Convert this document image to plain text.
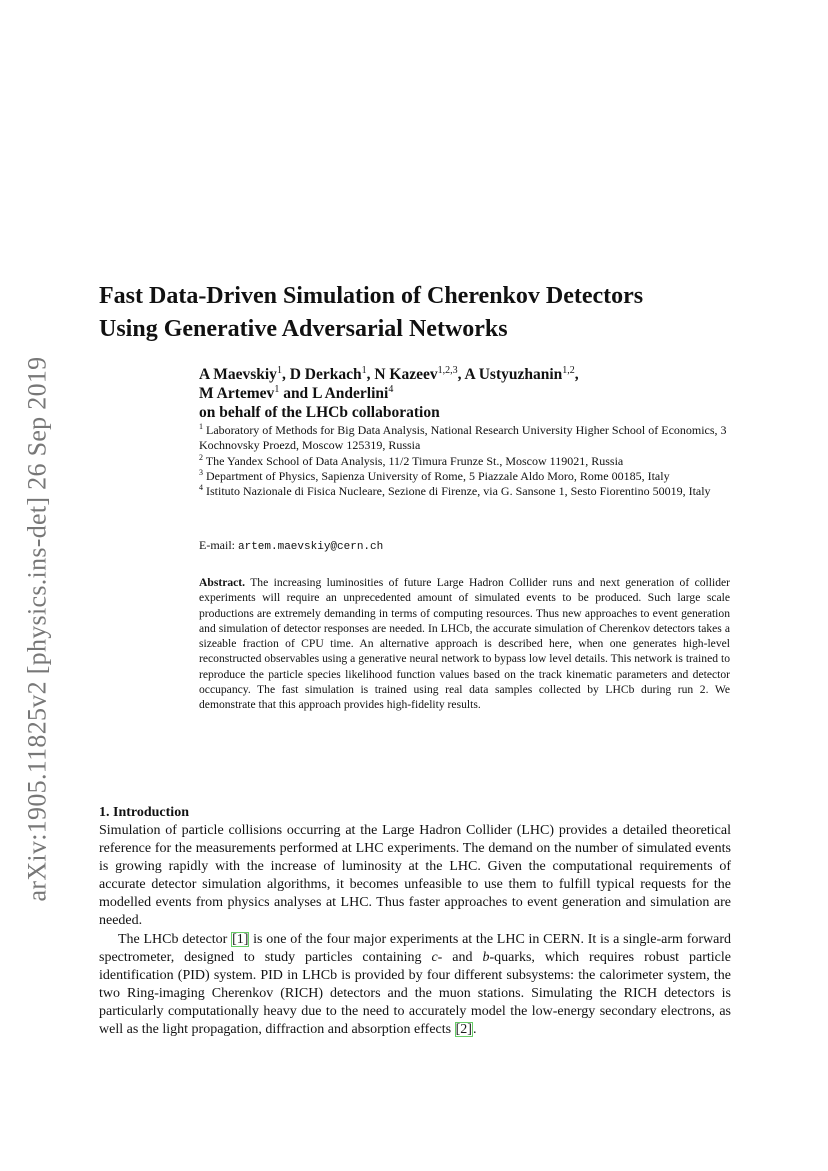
arXiv:1905.11825v2 [physics.ins-det] 26 Sep 2019
Fast Data-Driven Simulation of Cherenkov Detectors
Using Generative Adversarial Networks
A Maevskiy$^1$, D Derkach$^1$, N Kazeev$^{1,2,3}$, A Ustyuzhanin$^{1,2}$,
M Artemev$^1$ and L Anderlini$^4$
on behalf of the LHCb collaboration

$^1$ Laboratory of Methods for Big Data Analysis, National Research University Higher School of Economics, 3 Kochnovsky Proezd, Moscow 125319, Russia

$^2$ The Yandex School of Data Analysis, 11/2 Timura Frunze St., Moscow 119021, Russia

$^3$ Department of Physics, Sapienza University of Rome, 5 Piazzale Aldo Moro, Rome 00185, Italy

$^4$ Istituto Nazionale di Fisica Nucleare, Sezione di Firenze, via G. Sansone 1, Sesto Fiorentino 50019, Italy

E-mail: artem.maevskiy@cern.ch

Abstract. The increasing luminosities of future Large Hadron Collider runs and next generation of collider experiments will require an unprecedented amount of simulated events to be produced. Such large scale productions are extremely demanding in terms of computing resources. Thus new approaches to event generation and simulation of detector responses are needed. In LHCb, the accurate simulation of Cherenkov detectors takes a sizeable fraction of CPU time. An alternative approach is described here, when one generates high-level reconstructed observables using a generative neural network to bypass low level details. This network is trained to reproduce the particle species likelihood function values based on the track kinematic parameters and detector occupancy. The fast simulation is trained using real data samples collected by LHCb during run 2. We demonstrate that this approach provides high-fidelity results.

1. Introduction

Simulation of particle collisions occurring at the Large Hadron Collider (LHC) provides a detailed theoretical reference for the measurements performed at LHC experiments. The demand on the number of simulated events is growing rapidly with the increase of luminosity at the LHC. Given the computational requirements of accurate detector simulation algorithms, it becomes unfeasible to use them to fulfill typical requests for the modelled events from physics analyses at LHC. Thus faster approaches to event generation and simulation are needed.

The LHCb detector [1] is one of the four major experiments at the LHC in CERN. It is a single-arm forward spectrometer, designed to study particles containing c- and b-quarks, which requires robust particle identification (PID) system. PID in LHCb is provided by four different subsystems: the calorimeter system, the two Ring-imaging Cherenkov (RICH) detectors and the muon stations. Simulating the RICH detectors is particularly computationally heavy due to the need to accurately model the low-energy secondary electrons, as well as the light propagation, diffraction and absorption effects [2].
